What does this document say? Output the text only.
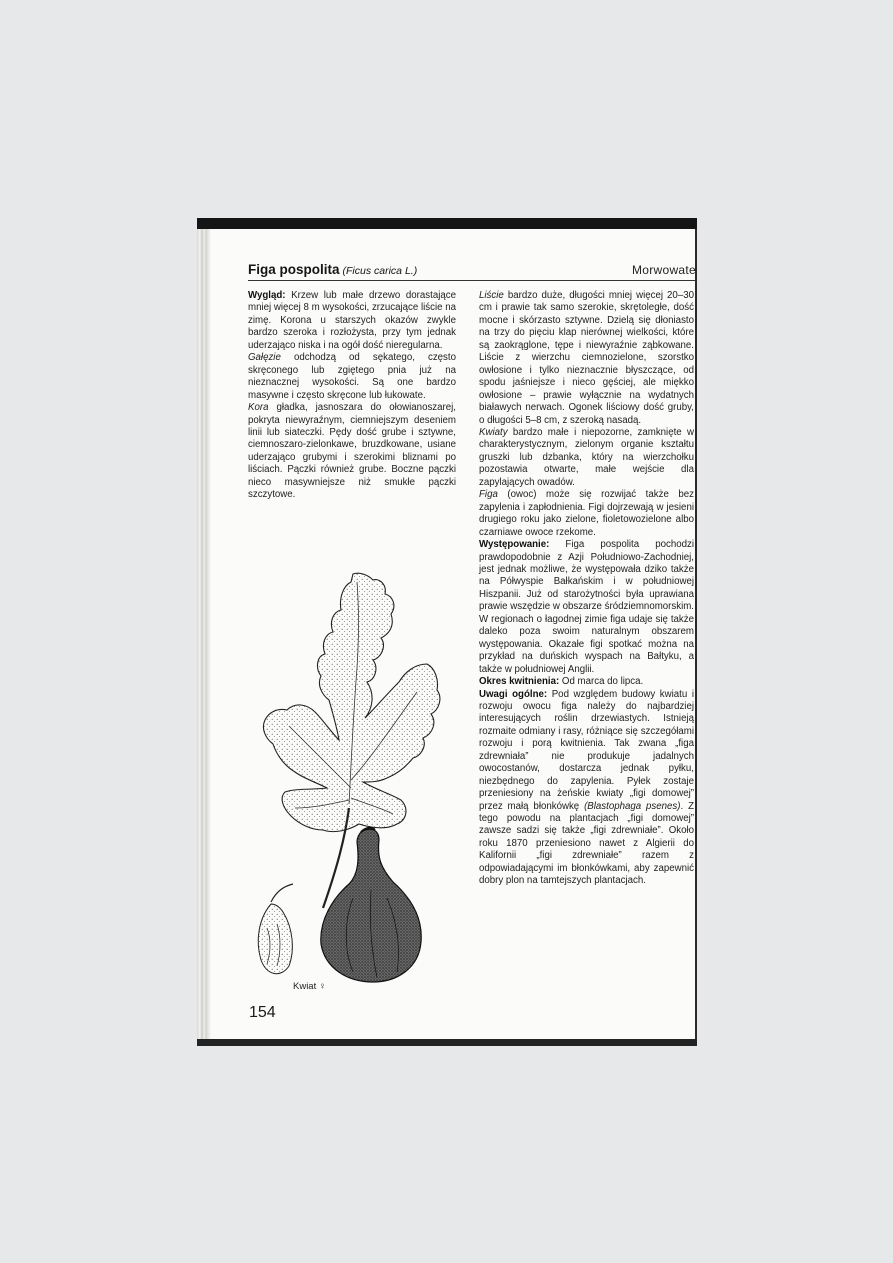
Figa pospolita (Ficus carica L.)	Morwowate

Wygląd: Krzew lub małe drzewo dorastające mniej więcej 8 m wysokości, zrzucające liście na zimę. Korona u starszych okazów zwykle bardzo szeroka i rozłożysta, przy tym jednak uderzająco niska i na ogół dość nieregularna.

Gałęzie odchodzą od sękatego, często skręconego lub zgiętego pnia już na nieznacznej wysokości. Są one bardzo masywne i często skręcone lub łukowate.

Kora gładka, jasnoszara do ołowianoszarej, pokryta niewyraźnym, ciemniejszym deseniem linii lub siateczki. Pędy dość grube i sztywne, ciemnoszaro-zielonkawe, bruzdkowane, usiane uderzająco grubymi i szerokimi bliznami po liściach. Pączki również grube. Boczne pączki nieco masywniejsze niż smukłe pączki szczytowe.

Liście bardzo duże, długości mniej więcej 20–30 cm i prawie tak samo szerokie, skrętoległe, dość mocne i skórzasto sztywne. Dzielą się dłoniasto na trzy do pięciu klap nierównej wielkości, które są zaokrąglone, tępe i niewyraźnie ząbkowane. Liście z wierzchu ciemnozielone, szorstko owłosione i tylko nieznacznie błyszczące, od spodu jaśniejsze i nieco gęściej, ale miękko owłosione – prawie wyłącznie na wydatnych białawych nerwach. Ogonek liściowy dość gruby, o długości 5–8 cm, z szeroką nasadą.

Kwiaty bardzo małe i niepozorne, zamknięte w charakterystycznym, zielonym organie kształtu gruszki lub dzbanka, który na wierzchołku pozostawia otwarte, małe wejście dla zapylających owadów.

Figa (owoc) może się rozwijać także bez zapylenia i zapłodnienia. Figi dojrzewają w jesieni drugiego roku jako zielone, fioletowozielone albo czarniawe owoce rzekome.

Występowanie: Figa pospolita pochodzi prawdopodobnie z Azji Południowo-Zachodniej, jest jednak możliwe, że występowała dziko także na Półwyspie Bałkańskim i w południowej Hiszpanii. Już od starożytności była uprawiana prawie wszędzie w obszarze śródziemnomorskim. W regionach o łagodnej zimie figa udaje się także daleko poza swoim naturalnym obszarem występowania. Okazałe figi spotkać można na przykład na duńskich wyspach na Bałtyku, a także w południowej Anglii.

Okres kwitnienia: Od marca do lipca.

Uwagi ogólne: Pod względem budowy kwiatu i rozwoju owocu figa należy do najbardziej interesujących roślin drzewiastych. Istnieją rozmaite odmiany i rasy, różniące się szczegółami rozwoju i porą kwitnienia. Tak zwana „figa zdrewniała” nie produkuje jadalnych owocostanów, dostarcza jednak pyłku, niezbędnego do zapylenia. Pyłek zostaje przeniesiony na żeńskie kwiaty „figi domowej” przez małą błonkówkę (Blastophaga psenes). Z tego powodu na plantacjach „figi domowej” zawsze sadzi się także „figi zdrewniałe”. Około roku 1870 przeniesiono nawet z Algierii do Kalifornii „figi zdrewniałe” razem z odpowiadającymi im błonkówkami, aby zapewnić dobry plon na tamtejszych plantacjach.

Kwiat ♀
154
